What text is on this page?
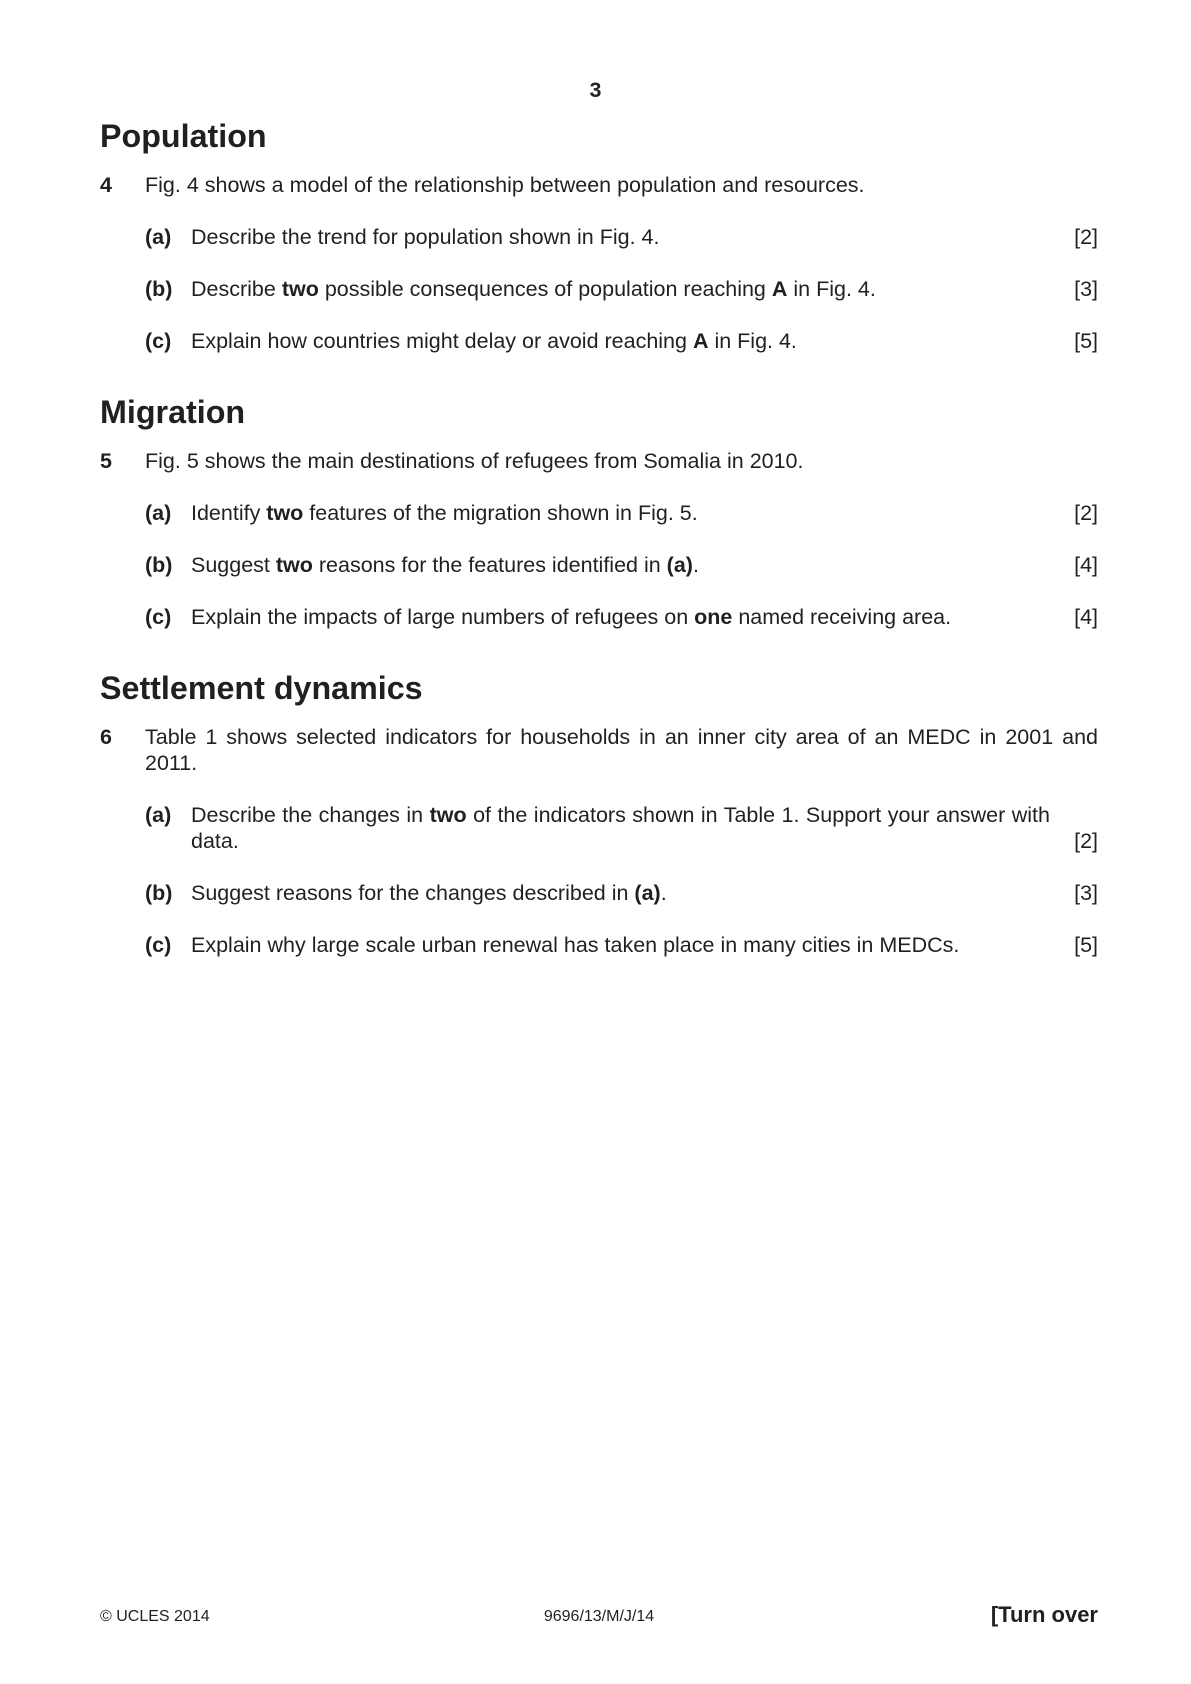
3
Population
4	Fig. 4 shows a model of the relationship between population and resources.
(a) Describe the trend for population shown in Fig. 4.	[2]
(b) Describe two possible consequences of population reaching A in Fig. 4.	[3]
(c) Explain how countries might delay or avoid reaching A in Fig. 4.	[5]
Migration
5	Fig. 5 shows the main destinations of refugees from Somalia in 2010.
(a) Identify two features of the migration shown in Fig. 5.	[2]
(b) Suggest two reasons for the features identified in (a).	[4]
(c) Explain the impacts of large numbers of refugees on one named receiving area.	[4]
Settlement dynamics
6	Table 1 shows selected indicators for households in an inner city area of an MEDC in 2001 and 2011.
(a) Describe the changes in two of the indicators shown in Table 1. Support your answer with data.	[2]
(b) Suggest reasons for the changes described in (a).	[3]
(c) Explain why large scale urban renewal has taken place in many cities in MEDCs.	[5]
© UCLES 2014	9696/13/M/J/14	[Turn over
